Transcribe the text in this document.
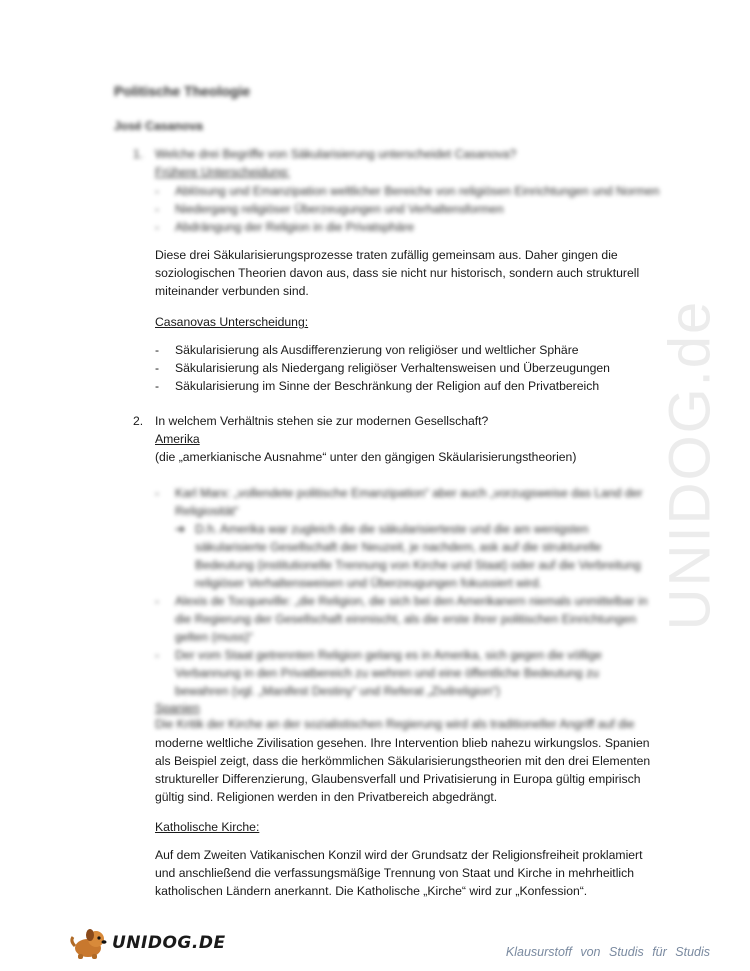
UNIDOG.de
Politische Theologie
José Casanova
1. Welche drei Begriffe von Säkularisierung unterscheidet Casanova?
Frühere Unterscheidung:
- Ablösung und Emanzipation weltlicher Bereiche von religiösen Einrichtungen und Normen
- Niedergang religiöser Überzeugungen und Verhaltensformen
- Abdrängung der Religion in die Privatsphäre
Diese drei Säkularisierungsprozesse traten zufällig gemeinsam aus. Daher gingen die
soziologischen Theorien davon aus, dass sie nicht nur historisch, sondern auch strukturell
miteinander verbunden sind.
Casanovas Unterscheidung:
- Säkularisierung als Ausdifferenzierung von religiöser und weltlicher Sphäre
- Säkularisierung als Niedergang religiöser Verhaltensweisen und Überzeugungen
- Säkularisierung im Sinne der Beschränkung der Religion auf den Privatbereich
2. In welchem Verhältnis stehen sie zur modernen Gesellschaft?
Amerika
(die „amerkianische Ausnahme“ unter den gängigen Skäularisierungstheorien)
- Karl Marx: „vollendete politische Emanzipation“ aber auch „vorzugsweise das Land der
Religiosität“
➔ D.h. Amerika war zugleich die die säkularisierteste und die am wenigsten
säkularisierte Gesellschaft der Neuzeit, je nachdem, ask auf die strukturelle
Bedeutung (institutionelle Trennung von Kirche und Staat) oder auf die Verbreitung
religiöser Verhaltensweisen und Überzeugungen fokussiert wird.
- Alexis de Tocqueville: „die Religion, die sich bei den Amerikanern niemals unmittelbar in
die Regierung der Gesellschaft einmischt, als die erste ihrer politischen Einrichtungen
gelten (muss)“
- Der vom Staat getrennten Religion gelang es in Amerika, sich gegen die völlige
Verbannung in den Privatbereich zu wehren und eine öffentliche Bedeutung zu
bewahren (vgl. „Manifest Destiny“ und Referat „Zivilreligion“)
Spanien
Die Kritik der Kirche an der sozialistischen Regierung wird als traditioneller Angriff auf die
moderne weltliche Zivilisation gesehen. Ihre Intervention blieb nahezu wirkungslos. Spanien
als Beispiel zeigt, dass die herkömmlichen Säkularisierungstheorien mit den drei Elementen
struktureller Differenzierung, Glaubensverfall und Privatisierung in Europa gültig empirisch
gültig sind. Religionen werden in den Privatbereich abgedrängt.
Katholische Kirche:
Auf dem Zweiten Vatikanischen Konzil wird der Grundsatz der Religionsfreiheit proklamiert
und anschließend die verfassungsmäßige Trennung von Staat und Kirche in mehrheitlich
katholischen Ländern anerkannt. Die Katholische „Kirche“ wird zur „Konfession“.
UNIDOG.DE	Klausurstoff von Studis für Studis
